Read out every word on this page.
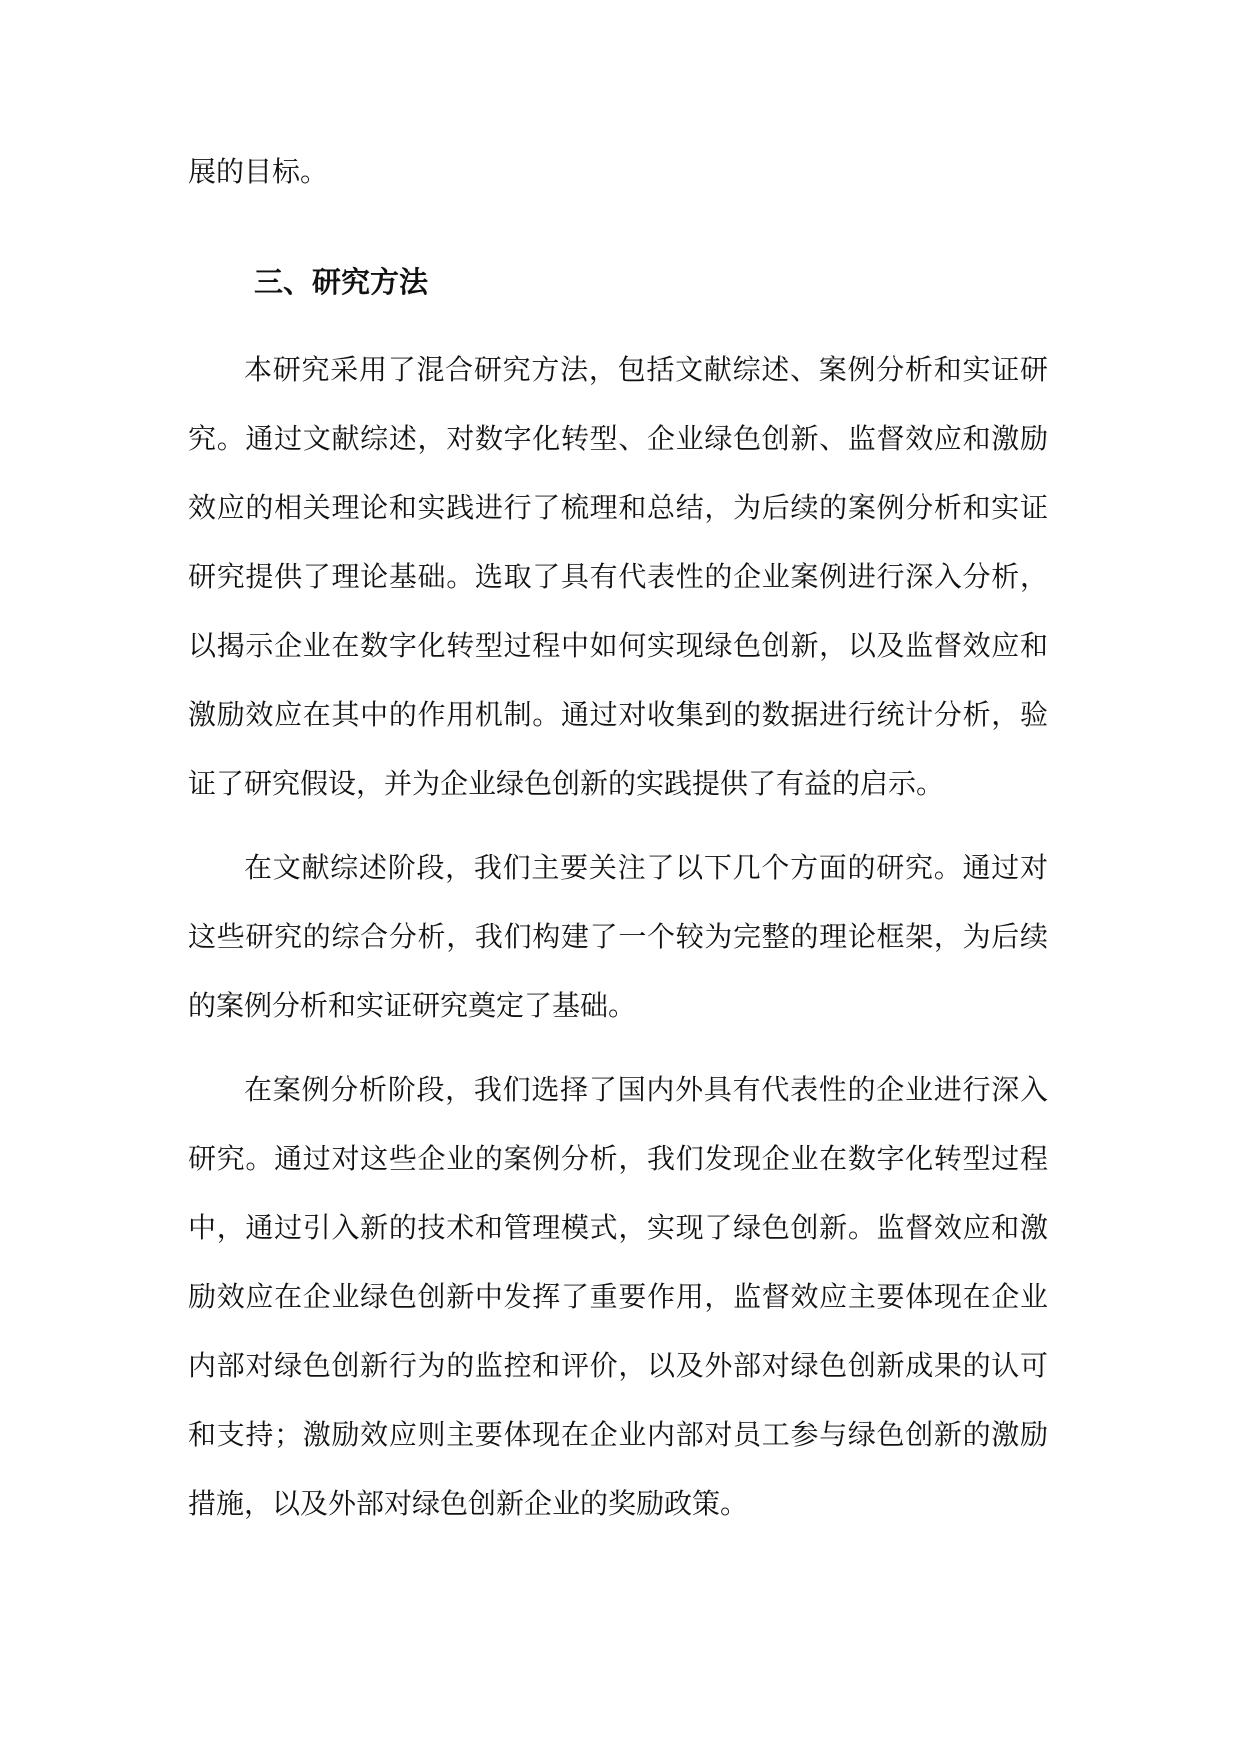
展的目标。
三、研究方法
本研究采用了混合研究方法，包括文献综述、案例分析和实证研
究。通过文献综述，对数字化转型、企业绿色创新、监督效应和激励
效应的相关理论和实践进行了梳理和总结，为后续的案例分析和实证
研究提供了理论基础。选取了具有代表性的企业案例进行深入分析，
以揭示企业在数字化转型过程中如何实现绿色创新，以及监督效应和
激励效应在其中的作用机制。通过对收集到的数据进行统计分析，验
证了研究假设，并为企业绿色创新的实践提供了有益的启示。
在文献综述阶段，我们主要关注了以下几个方面的研究。通过对
这些研究的综合分析，我们构建了一个较为完整的理论框架，为后续
的案例分析和实证研究奠定了基础。
在案例分析阶段，我们选择了国内外具有代表性的企业进行深入
研究。通过对这些企业的案例分析，我们发现企业在数字化转型过程
中，通过引入新的技术和管理模式，实现了绿色创新。监督效应和激
励效应在企业绿色创新中发挥了重要作用，监督效应主要体现在企业
内部对绿色创新行为的监控和评价，以及外部对绿色创新成果的认可
和支持；激励效应则主要体现在企业内部对员工参与绿色创新的激励
措施，以及外部对绿色创新企业的奖励政策。
